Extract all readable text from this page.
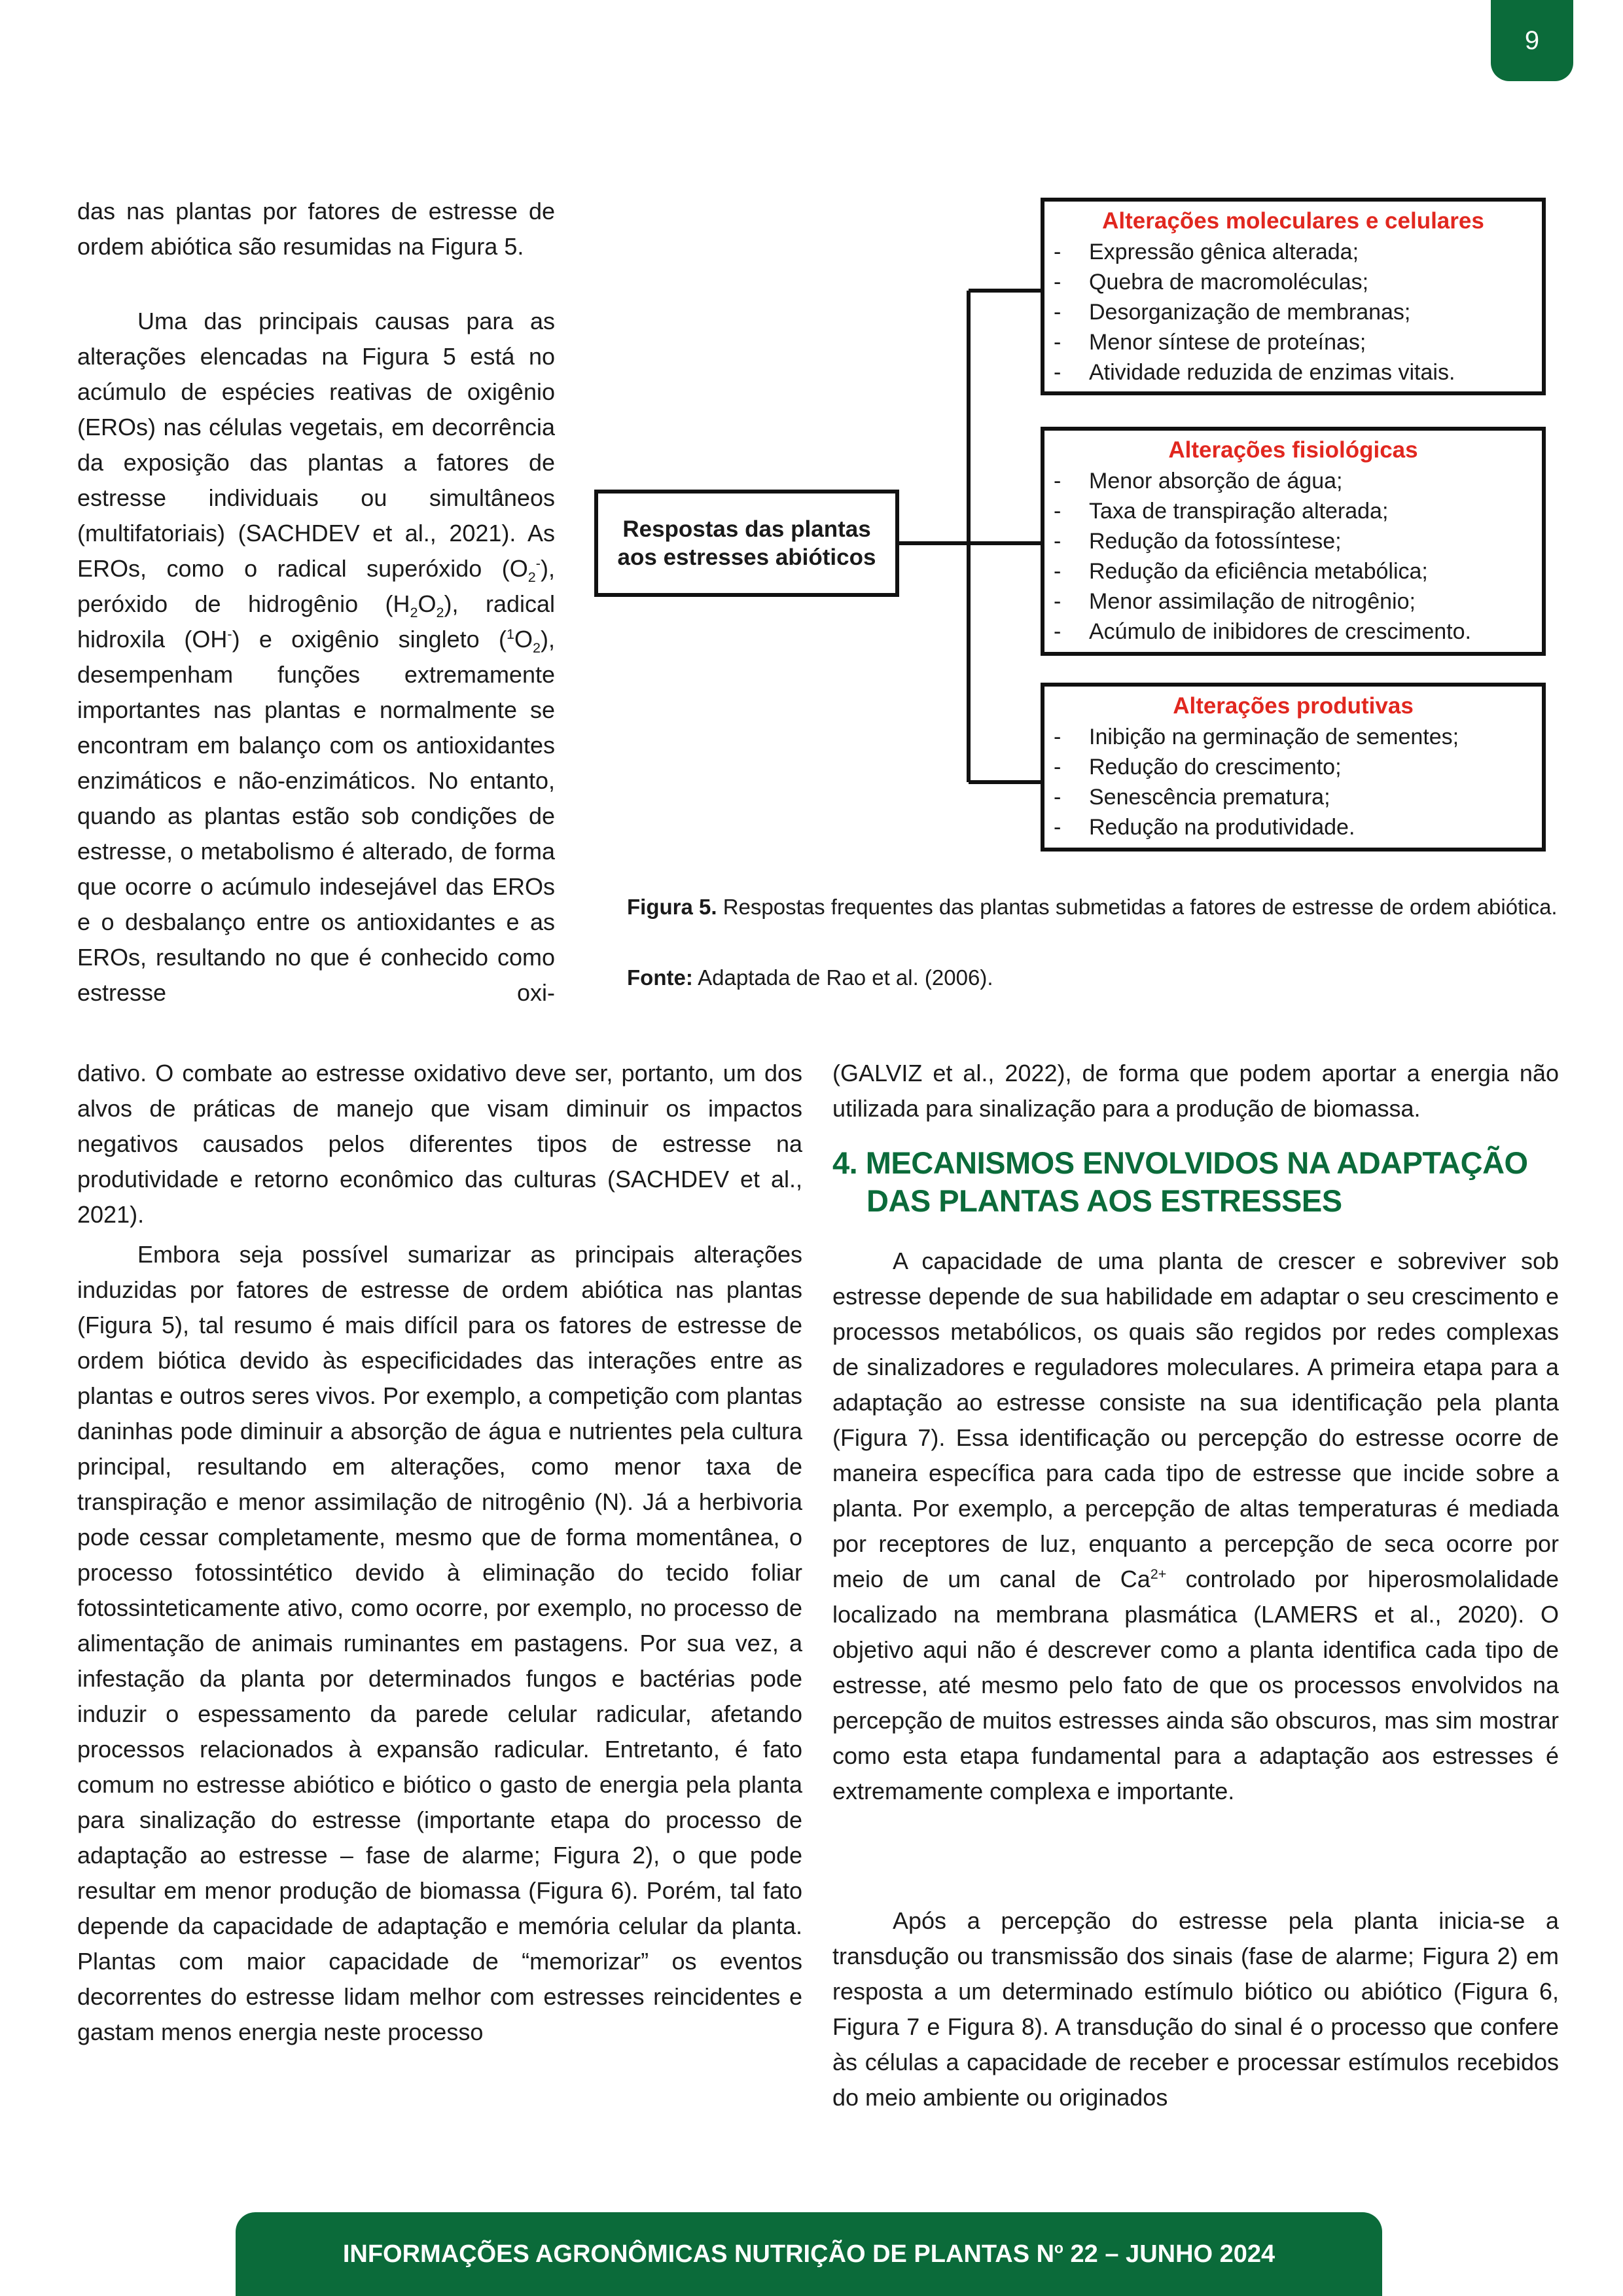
9

das nas plantas por fatores de estresse de ordem abiótica são resumidas na Figura 5.

Uma das principais causas para as alterações elencadas na Figura 5 está no acúmulo de espécies reativas de oxigênio (EROs) nas células vegetais, em decorrência da exposição das plantas a fatores de estresse individuais ou simultâneos (multifatoriais) (SACHDEV et al., 2021). As EROs, como o radical superóxido $(O_2^-)$, peróxido de hidrogênio $(H_2O_2)$, radical hidroxila (OH-) e oxigênio singleto $(^1O_2)$, desempenham funções extremamente importantes nas plantas e normalmente se encontram em balanço com os antioxidantes enzimáticos e não-enzimáticos. No entanto, quando as plantas estão sob condições de estresse, o metabolismo é alterado, de forma que ocorre o acúmulo indesejável das EROs e o desbalanço entre os antioxidantes e as EROs, resultando no que é conhecido como estresse oxi-

dativo. O combate ao estresse oxidativo deve ser, portanto, um dos alvos de práticas de manejo que visam diminuir os impactos negativos causados pelos diferentes tipos de estresse na produtividade e retorno econômico das culturas (SACHDEV et al., 2021).

Embora seja possível sumarizar as principais alterações induzidas por fatores de estresse de ordem abiótica nas plantas (Figura 5), tal resumo é mais difícil para os fatores de estresse de ordem biótica devido às especificidades das interações entre as plantas e outros seres vivos. Por exemplo, a competição com plantas daninhas pode diminuir a absorção de água e nutrientes pela cultura principal, resultando em alterações, como menor taxa de transpiração e menor assimilação de nitrogênio (N). Já a herbivoria pode cessar completamente, mesmo que de forma momentânea, o processo fotossintético devido à eliminação do tecido foliar fotossinteticamente ativo, como ocorre, por exemplo, no processo de alimentação de animais ruminantes em pastagens. Por sua vez, a infestação da planta por determinados fungos e bactérias pode induzir o espessamento da parede celular radicular, afetando processos relacionados à expansão radicular. Entretanto, é fato comum no estresse abiótico e biótico o gasto de energia pela planta para sinalização do estresse (importante etapa do processo de adaptação ao estresse – fase de alarme; Figura 2), o que pode resultar em menor produção de biomassa (Figura 6). Porém, tal fato depende da capacidade de adaptação e memória celular da planta. Plantas com maior capacidade de “memorizar” os eventos decorrentes do estresse lidam melhor com estresses reincidentes e gastam menos energia neste processo

Respostas das plantas aos estresses abióticos
Alterações moleculares e celulares
- Expressão gênica alterada;
- Quebra de macromoléculas;
- Desorganização de membranas;
- Menor síntese de proteínas;
- Atividade reduzida de enzimas vitais.
Alterações fisiológicas
- Menor absorção de água;
- Taxa de transpiração alterada;
- Redução da fotossíntese;
- Redução da eficiência metabólica;
- Menor assimilação de nitrogênio;
- Acúmulo de inibidores de crescimento.
Alterações produtivas
- Inibição na germinação de sementes;
- Redução do crescimento;
- Senescência prematura;
- Redução na produtividade.

Figura 5. Respostas frequentes das plantas submetidas a fatores de estresse de ordem abiótica.

Fonte: Adaptada de Rao et al. (2006).

(GALVIZ et al., 2022), de forma que podem aportar a energia não utilizada para sinalização para a produção de biomassa.

4. MECANISMOS ENVOLVIDOS NA ADAPTAÇÃO
DAS PLANTAS AOS ESTRESSES

A capacidade de uma planta de crescer e sobreviver sob estresse depende de sua habilidade em adaptar o seu crescimento e processos metabólicos, os quais são regidos por redes complexas de sinalizadores e reguladores moleculares. A primeira etapa para a adaptação ao estresse consiste na sua identificação pela planta (Figura 7). Essa identificação ou percepção do estresse ocorre de maneira específica para cada tipo de estresse que incide sobre a planta. Por exemplo, a percepção de altas temperaturas é mediada por receptores de luz, enquanto a percepção de seca ocorre por meio de um canal de $Ca^{2+}$ controlado por hiperosmolalidade localizado na membrana plasmática (LAMERS et al., 2020). O objetivo aqui não é descrever como a planta identifica cada tipo de estresse, até mesmo pelo fato de que os processos envolvidos na percepção de muitos estresses ainda são obscuros, mas sim mostrar como esta etapa fundamental para a adaptação aos estresses é extremamente complexa e importante.

Após a percepção do estresse pela planta inicia-se a transdução ou transmissão dos sinais (fase de alarme; Figura 2) em resposta a um determinado estímulo biótico ou abiótico (Figura 6, Figura 7 e Figura 8). A transdução do sinal é o processo que confere às células a capacidade de receber e processar estímulos recebidos do meio ambiente ou originados

INFORMAÇÕES AGRONÔMICAS NUTRIÇÃO DE PLANTAS $N^o$ 22 – JUNHO 2024
